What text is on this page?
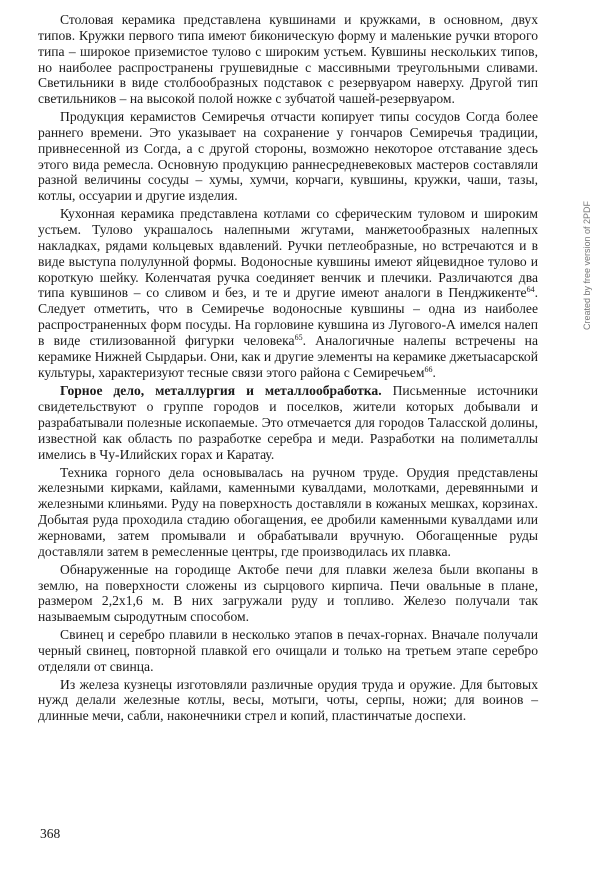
Столовая керамика представлена кувшинами и кружками, в основном, двух типов. Кружки первого типа имеют биконическую форму и маленькие ручки второго типа – широкое приземистое тулово с широким устьем. Кувшины нескольких типов, но наиболее распространены грушевидные с массивными треугольными сливами. Светильники в виде столбообразных подставок с резервуаром наверху. Другой тип светильников – на высокой полой ножке с зубчатой чашей-резервуаром.

Продукция керамистов Семиречья отчасти копирует типы сосудов Согда более раннего времени. Это указывает на сохранение у гончаров Семиречья традиции, привнесенной из Согда, а с другой стороны, возможно некоторое отставание здесь этого вида ремесла. Основную продукцию раннесредневековых мастеров составляли разной величины сосуды – хумы, хумчи, корчаги, кувшины, кружки, чаши, тазы, котлы, оссуарии и другие изделия.

Кухонная керамика представлена котлами со сферическим туловом и широким устьем. Тулово украшалось налепными жгутами, манжетообразных налепных накладках, рядами кольцевых вдавлений. Ручки петлеобразные, но встречаются и в виде выступа полулунной формы. Водоносные кувшины имеют яйцевидное тулово и короткую шейку. Коленчатая ручка соединяет венчик и плечики. Различаются два типа кувшинов – со сливом и без, и те и другие имеют аналоги в Пенджикенте$^{64}$. Следует отметить, что в Семиречье водоносные кувшины – одна из наиболее распространенных форм посуды. На горловине кувшина из Лугового-А имелся налеп в виде стилизованной фигурки человека$^{65}$. Аналогичные налепы встречены на керамике Нижней Сырдарьи. Они, как и другие элементы на керамике джетыасарской культуры, характеризуют тесные связи этого района с Семиречьем$^{66}$.

Горное дело, металлургия и металлообработка. Письменные источники свидетельствуют о группе городов и поселков, жители которых добывали и разрабатывали полезные ископаемые. Это отмечается для городов Таласской долины, известной как область по разработке серебра и меди. Разработки на полиметаллы имелись в Чу-Илийских горах и Каратау.

Техника горного дела основывалась на ручном труде. Орудия представлены железными кирками, кайлами, каменными кувалдами, молотками, деревянными и железными клиньями. Руду на поверхность доставляли в кожаных мешках, корзинах. Добытая руда проходила стадию обогащения, ее дробили каменными кувалдами или жерновами, затем промывали и обрабатывали вручную. Обогащенные руды доставляли затем в ремесленные центры, где производилась их плавка.

Обнаруженные на городище Актобе печи для плавки железа были вкопаны в землю, на поверхности сложены из сырцового кирпича. Печи овальные в плане, размером 2,2х1,6 м. В них загружали руду и топливо. Железо получали так называемым сыродутным способом.

Свинец и серебро плавили в несколько этапов в печах-горнах. Вначале получали черный свинец, повторной плавкой его очищали и только на третьем этапе серебро отделяли от свинца.

Из железа кузнецы изготовляли различные орудия труда и оружие. Для бытовых нужд делали железные котлы, весы, мотыги, чоты, серпы, ножи; для воинов – длинные мечи, сабли, наконечники стрел и копий, пластинчатые доспехи.

368
Created by free version of 2PDF
